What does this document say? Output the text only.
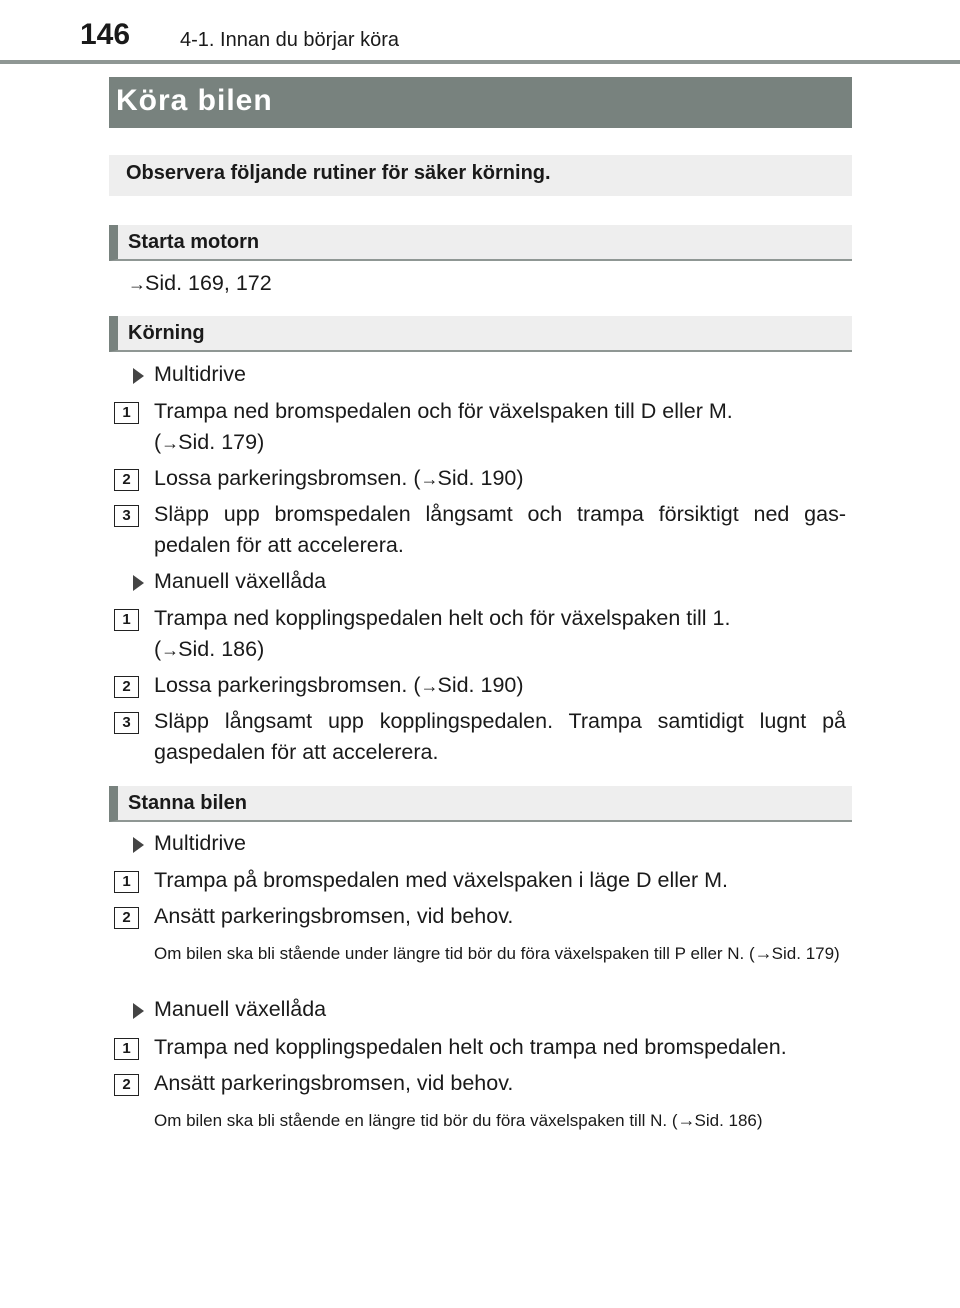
146 4-1. Innan du börjar köra
Köra bilen
Observera följande rutiner för säker körning.
Starta motorn
→Sid. 169, 172
Körning
Multidrive
1	Trampa ned bromspedalen och för växelspaken till D eller M.
(→Sid. 179)
2	Lossa parkeringsbromsen. (→Sid. 190)
3	Släpp upp bromspedalen långsamt och trampa försiktigt ned gas-pedalen för att accelerera.
Manuell växellåda
1	Trampa ned kopplingspedalen helt och för växelspaken till 1.
(→Sid. 186)
2	Lossa parkeringsbromsen. (→Sid. 190)
3	Släpp långsamt upp kopplingspedalen. Trampa samtidigt lugnt på gaspedalen för att accelerera.
Stanna bilen
Multidrive
1	Trampa på bromspedalen med växelspaken i läge D eller M.
2	Ansätt parkeringsbromsen, vid behov.
Om bilen ska bli stående under längre tid bör du föra växelspaken till P eller N. (→Sid. 179)
Manuell växellåda
1	Trampa ned kopplingspedalen helt och trampa ned bromspedalen.
2	Ansätt parkeringsbromsen, vid behov.
Om bilen ska bli stående en längre tid bör du föra växelspaken till N. (→Sid. 186)
